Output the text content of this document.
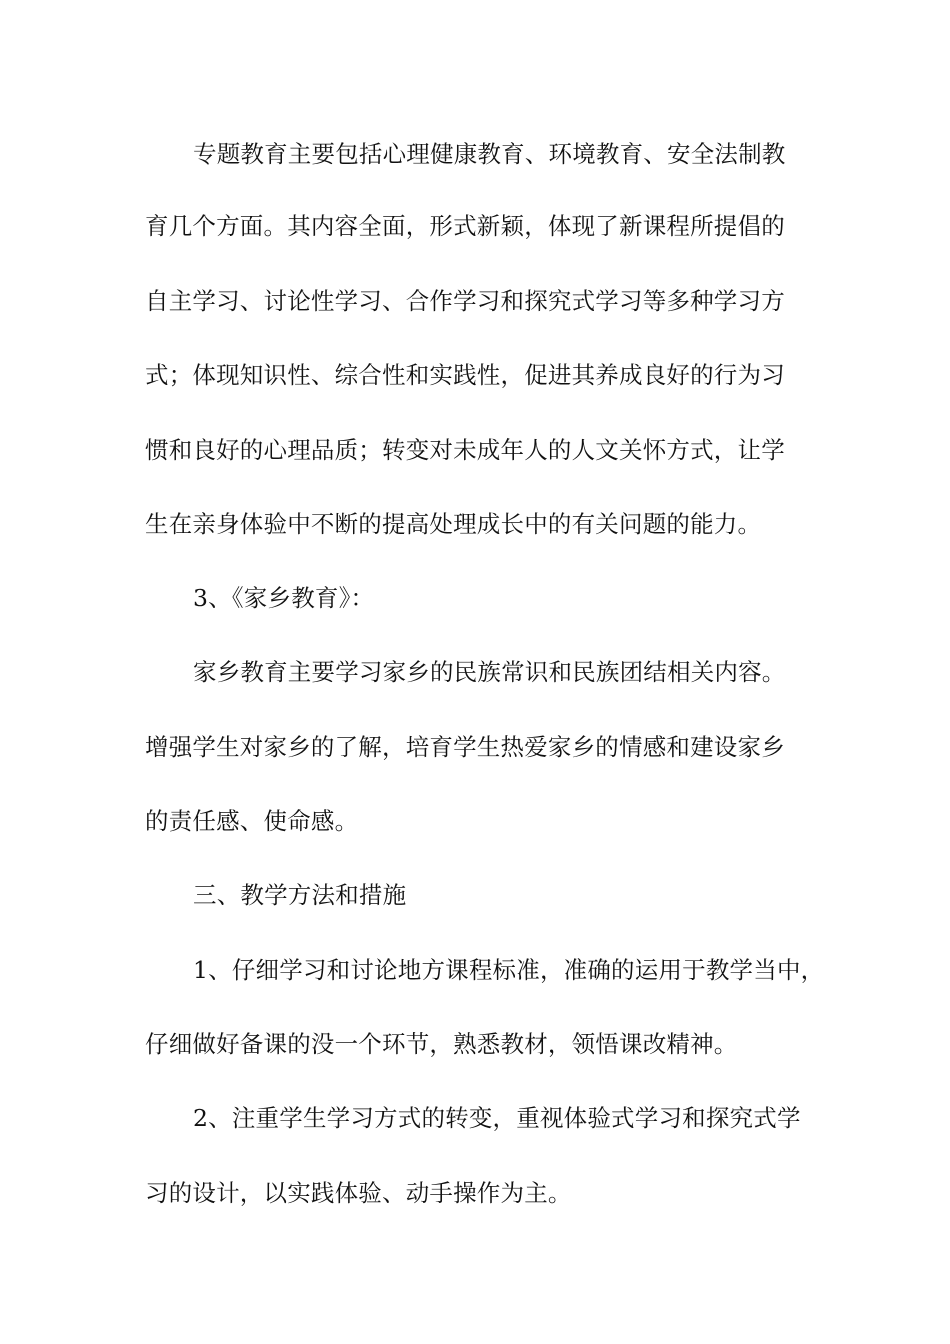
专题教育主要包括心理健康教育、环境教育、安全法制教
育几个方面。其内容全面，形式新颖，体现了新课程所提倡的
自主学习、讨论性学习、合作学习和探究式学习等多种学习方
式；体现知识性、综合性和实践性，促进其养成良好的行为习
惯和良好的心理品质；转变对未成年人的人文关怀方式，让学
生在亲身体验中不断的提高处理成长中的有关问题的能力。
3、《家乡教育》：
家乡教育主要学习家乡的民族常识和民族团结相关内容。
增强学生对家乡的了解，培育学生热爱家乡的情感和建设家乡
的责任感、使命感。
三、教学方法和措施
1、仔细学习和讨论地方课程标准，准确的运用于教学当中，
仔细做好备课的没一个环节，熟悉教材，领悟课改精神。
2、注重学生学习方式的转变，重视体验式学习和探究式学
习的设计，以实践体验、动手操作为主。
